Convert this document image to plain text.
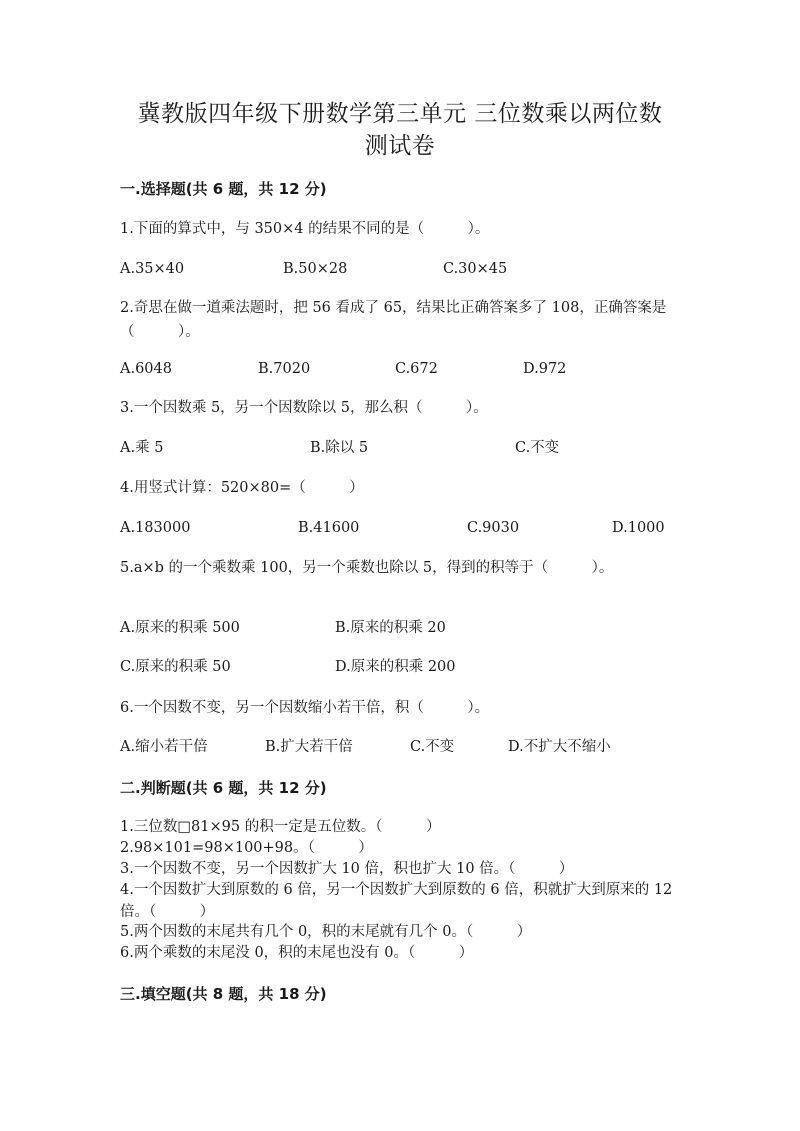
冀教版四年级下册数学第三单元 三位数乘以两位数
测试卷
一.选择题(共 6 题，共 12 分)
1.下面的算式中，与 350×4 的结果不同的是（　　　）。
A.35×40	B.50×28	C.30×45
2.奇思在做一道乘法题时，把 56 看成了 65，结果比正确答案多了 108，正确答案是（　　　）。
A.6048	B.7020	C.672	D.972
3.一个因数乘 5，另一个因数除以 5，那么积（　　　）。
A.乘 5	B.除以 5	C.不变
4.用竖式计算：520×80=（　　　）
A.183000	B.41600	C.9030	D.1000
5.a×b 的一个乘数乘 100，另一个乘数也除以 5，得到的积等于（　　　）。
A.原来的积乘 500	B.原来的积乘 20
C.原来的积乘 50	D.原来的积乘 200
6.一个因数不变，另一个因数缩小若干倍，积（　　　）。
A.缩小若干倍	B.扩大若干倍	C.不变	D.不扩大不缩小
二.判断题(共 6 题，共 12 分)
1.三位数□81×95 的积一定是五位数。（　　　）
2.98×101=98×100+98。（　　　）
3.一个因数不变，另一个因数扩大 10 倍，积也扩大 10 倍。（　　　）
4.一个因数扩大到原数的 6 倍，另一个因数扩大到原数的 6 倍，积就扩大到原来的 12 倍。（　　　）
5.两个因数的末尾共有几个 0，积的末尾就有几个 0。（　　　）
6.两个乘数的末尾没 0，积的末尾也没有 0。（　　　）
三.填空题(共 8 题，共 18 分)
